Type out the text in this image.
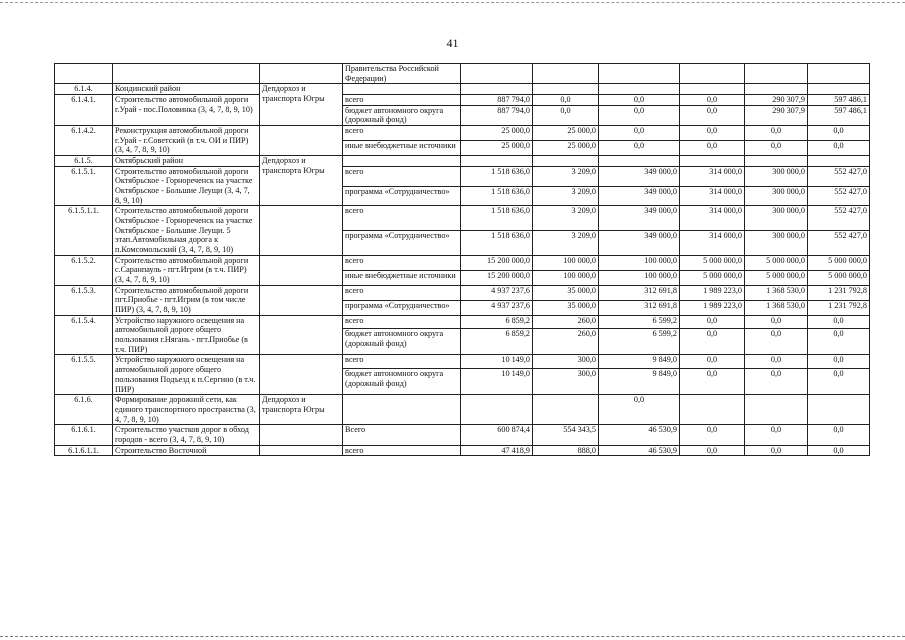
41
			Правительства Российской Федерации)						
6.1.4.	Кондинский район	Депдорхоз и транспорта Югры							
6.1.4.1.	Строительство автомобильной дороги г.Урай - пос.Половинка (3, 4, 7, 8, 9, 10)		всего	887 794,0	0,0	0,0	0,0	290 307,9	597 486,1
			бюджет автономного округа (дорожный фонд)	887 794,0	0,0	0,0	0,0	290 307,9	597 486,1
6.1.4.2.	Реконструкция автомобильной дороги г.Урай - г.Советский (в т.ч. ОИ и ПИР) (3, 4, 7, 8, 9, 10)		всего	25 000,0	25 000,0	0,0	0,0	0,0	0,0
			иные внебюджетные источники	25 000,0	25 000,0	0,0	0,0	0,0	0,0
6.1.5.	Октябрьский район	Депдорхоз и транспорта Югры							
6.1.5.1.	Строительство автомобильной дороги Октябрьское - Горнореченск на участке Октябрьское - Большие Леущи (3, 4, 7, 8, 9, 10)		всего	1 518 636,0	3 209,0	349 000,0	314 000,0	300 000,0	552 427,0
			программа «Сотрудничество»	1 518 636,0	3 209,0	349 000,0	314 000,0	300 000,0	552 427,0
6.1.5.1.1.	Строительство автомобильной дороги Октябрьское - Горнореченск на участке Октябрьское - Большие Леущи. 5 этап.Автомобильная дорога к п.Комсомольский (3, 4, 7, 8, 9, 10)		всего	1 518 636,0	3 209,0	349 000,0	314 000,0	300 000,0	552 427,0
			программа «Сотрудничество»	1 518 636,0	3 209,0	349 000,0	314 000,0	300 000,0	552 427,0
6.1.5.2.	Строительство автомобильной дороги с.Саранпауль - пгт.Игрим (в т.ч. ПИР) (3, 4, 7, 8, 9, 10)		всего	15 200 000,0	100 000,0	100 000,0	5 000 000,0	5 000 000,0	5 000 000,0
			иные внебюджетные источники	15 200 000,0	100 000,0	100 000,0	5 000 000,0	5 000 000,0	5 000 000,0
6.1.5.3.	Строительство автомобильной дороги пгт.Приобье - пгт.Игрим (в том числе ПИР) (3, 4, 7, 8, 9, 10)		всего	4 937 237,6	35 000,0	312 691,8	1 989 223,0	1 368 530,0	1 231 792,8
			программа «Сотрудничество»	4 937 237,6	35 000,0	312 691,8	1 989 223,0	1 368 530,0	1 231 792,8
6.1.5.4.	Устройство наружного освещения на автомобильной дороге общего пользования г.Нягань - пгт.Приобье (в т.ч. ПИР)		всего	6 859,2	260,0	6 599,2	0,0	0,0	0,0
			бюджет автономного округа (дорожный фонд)	6 859,2	260,0	6 599,2	0,0	0,0	0,0
6.1.5.5.	Устройство наружного освещения на автомобильной дороге общего пользования Подъезд к п.Сергино (в т.ч. ПИР)		всего	10 149,0	300,0	9 849,0	0,0	0,0	0,0
			бюджет автономного округа (дорожный фонд)	10 149,0	300,0	9 849,0	0,0	0,0	0,0
6.1.6.	Формирование дорожной сети, как единого транспортного пространства (3, 4, 7, 8, 9, 10)	Депдорхоз и транспорта Югры				0,0			
6.1.6.1.	Строительство участков дорог в обход городов - всего (3, 4, 7, 8, 9, 10)		Всего	600 874,4	554 343,5	46 530,9	0,0	0,0	0,0
6.1.6.1.1.	Строительство Восточной		всего	47 418,9	888,0	46 530,9	0,0	0,0	0,0
